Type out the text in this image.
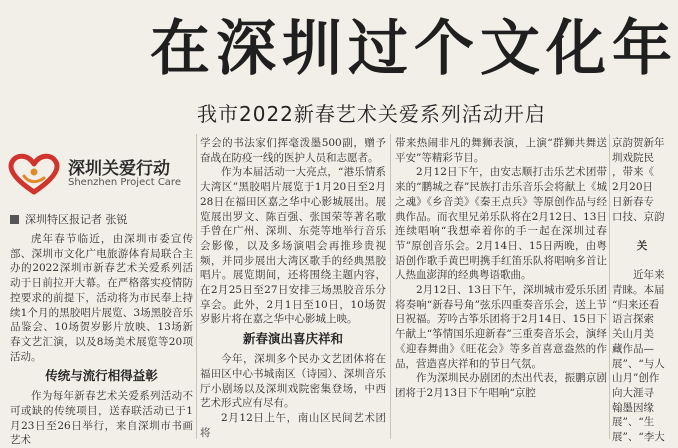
在深圳过个文化年
我市2022新春艺术关爱系列活动开启
深圳关爱行动
Shenzhen Project Care
深圳特区报记者 张锐

虎年春节临近，由深圳市委宣传部、深圳市文化广电旅游体育局联合主办的2022深圳市新春艺术关爱系列活动于日前拉开大幕。在严格落实疫情防控要求的前提下，活动将为市民奉上持续1个月的黑胶唱片展览、3场黑胶音乐品鉴会、10场贺岁影片放映、13场新春文艺汇演，以及8场美术展览等20项活动。

传统与流行相得益彰

作为每年新春艺术关爱系列活动不可或缺的传统项目，送春联活动已于1月23日至26日举行，来自深圳市书画艺术

学会的书法家们挥毫泼墨500副，赠予奋战在防疫一线的医护人员和志愿者。

作为本届活动一大亮点，“港乐情系大湾区”黑胶唱片展览于1月20日至2月28日在福田区嘉之华中心影城展出。展览展出罗文、陈百强、张国荣等著名歌手曾在广州、深圳、东莞等地举行音乐会影像，以及多场演唱会再推珍贵视频，并同步展出大湾区歌手的经典黑胶唱片。展览期间，还将围绕主题内容，在2月25日至27日安排三场黑胶音乐分享会。此外，2月1日至10日，10场贺岁影片将在嘉之华中心影城上映。

新春演出喜庆祥和

今年，深圳多个民办文艺团体将在福田区中心书城南区（诗园）、深圳音乐厅小剧场以及深圳戏院密集登场，中西艺术形式应有尽有。

2月12日上午，南山区民间艺术团将

带来热闹非凡的舞狮表演，上演“群狮共舞送平安”等精彩节目。

2月12日下午，由安志顺打击乐艺术团带来的“鹏城之春”民族打击乐音乐会将献上《城之魂》《乡音美》《秦王点兵》等原创作品与经典作品。而衣里兄弟乐队将在2月12日、13日连续唱响“我想牵着你的手一起在深圳过春节”原创音乐会。2月14日、15日两晚，由粤语创作歌手黄巴明携手红笛乐队将唱响多首让人热血澎湃的经典粤语歌曲。

2月12日、13日下午，深圳城市爱乐乐团将奏响“新春号角”弦乐四重奏音乐会，送上节日祝福。芳吟古筝乐团将于2月14日、15日下午献上“筝情国乐迎新春”三重奏音乐会，演绎《迎春舞曲》《旺花会》等多首喜意盎然的作品，营造喜庆祥和的节日气氛。

作为深圳民办剧团的杰出代表，振鹏京剧团将于2月13日下午唱响“京腔

京韵贺新年

圳戏院民

，带来《

2月20日

日新春专

口技、京韵

关

近年来

青睐。本届

“归来还看

语言探索

关山月美

藏作品—

展”、“与人

山月”创作

向大涯寻

翰墨因缘

展”、“生

展”、“李大
